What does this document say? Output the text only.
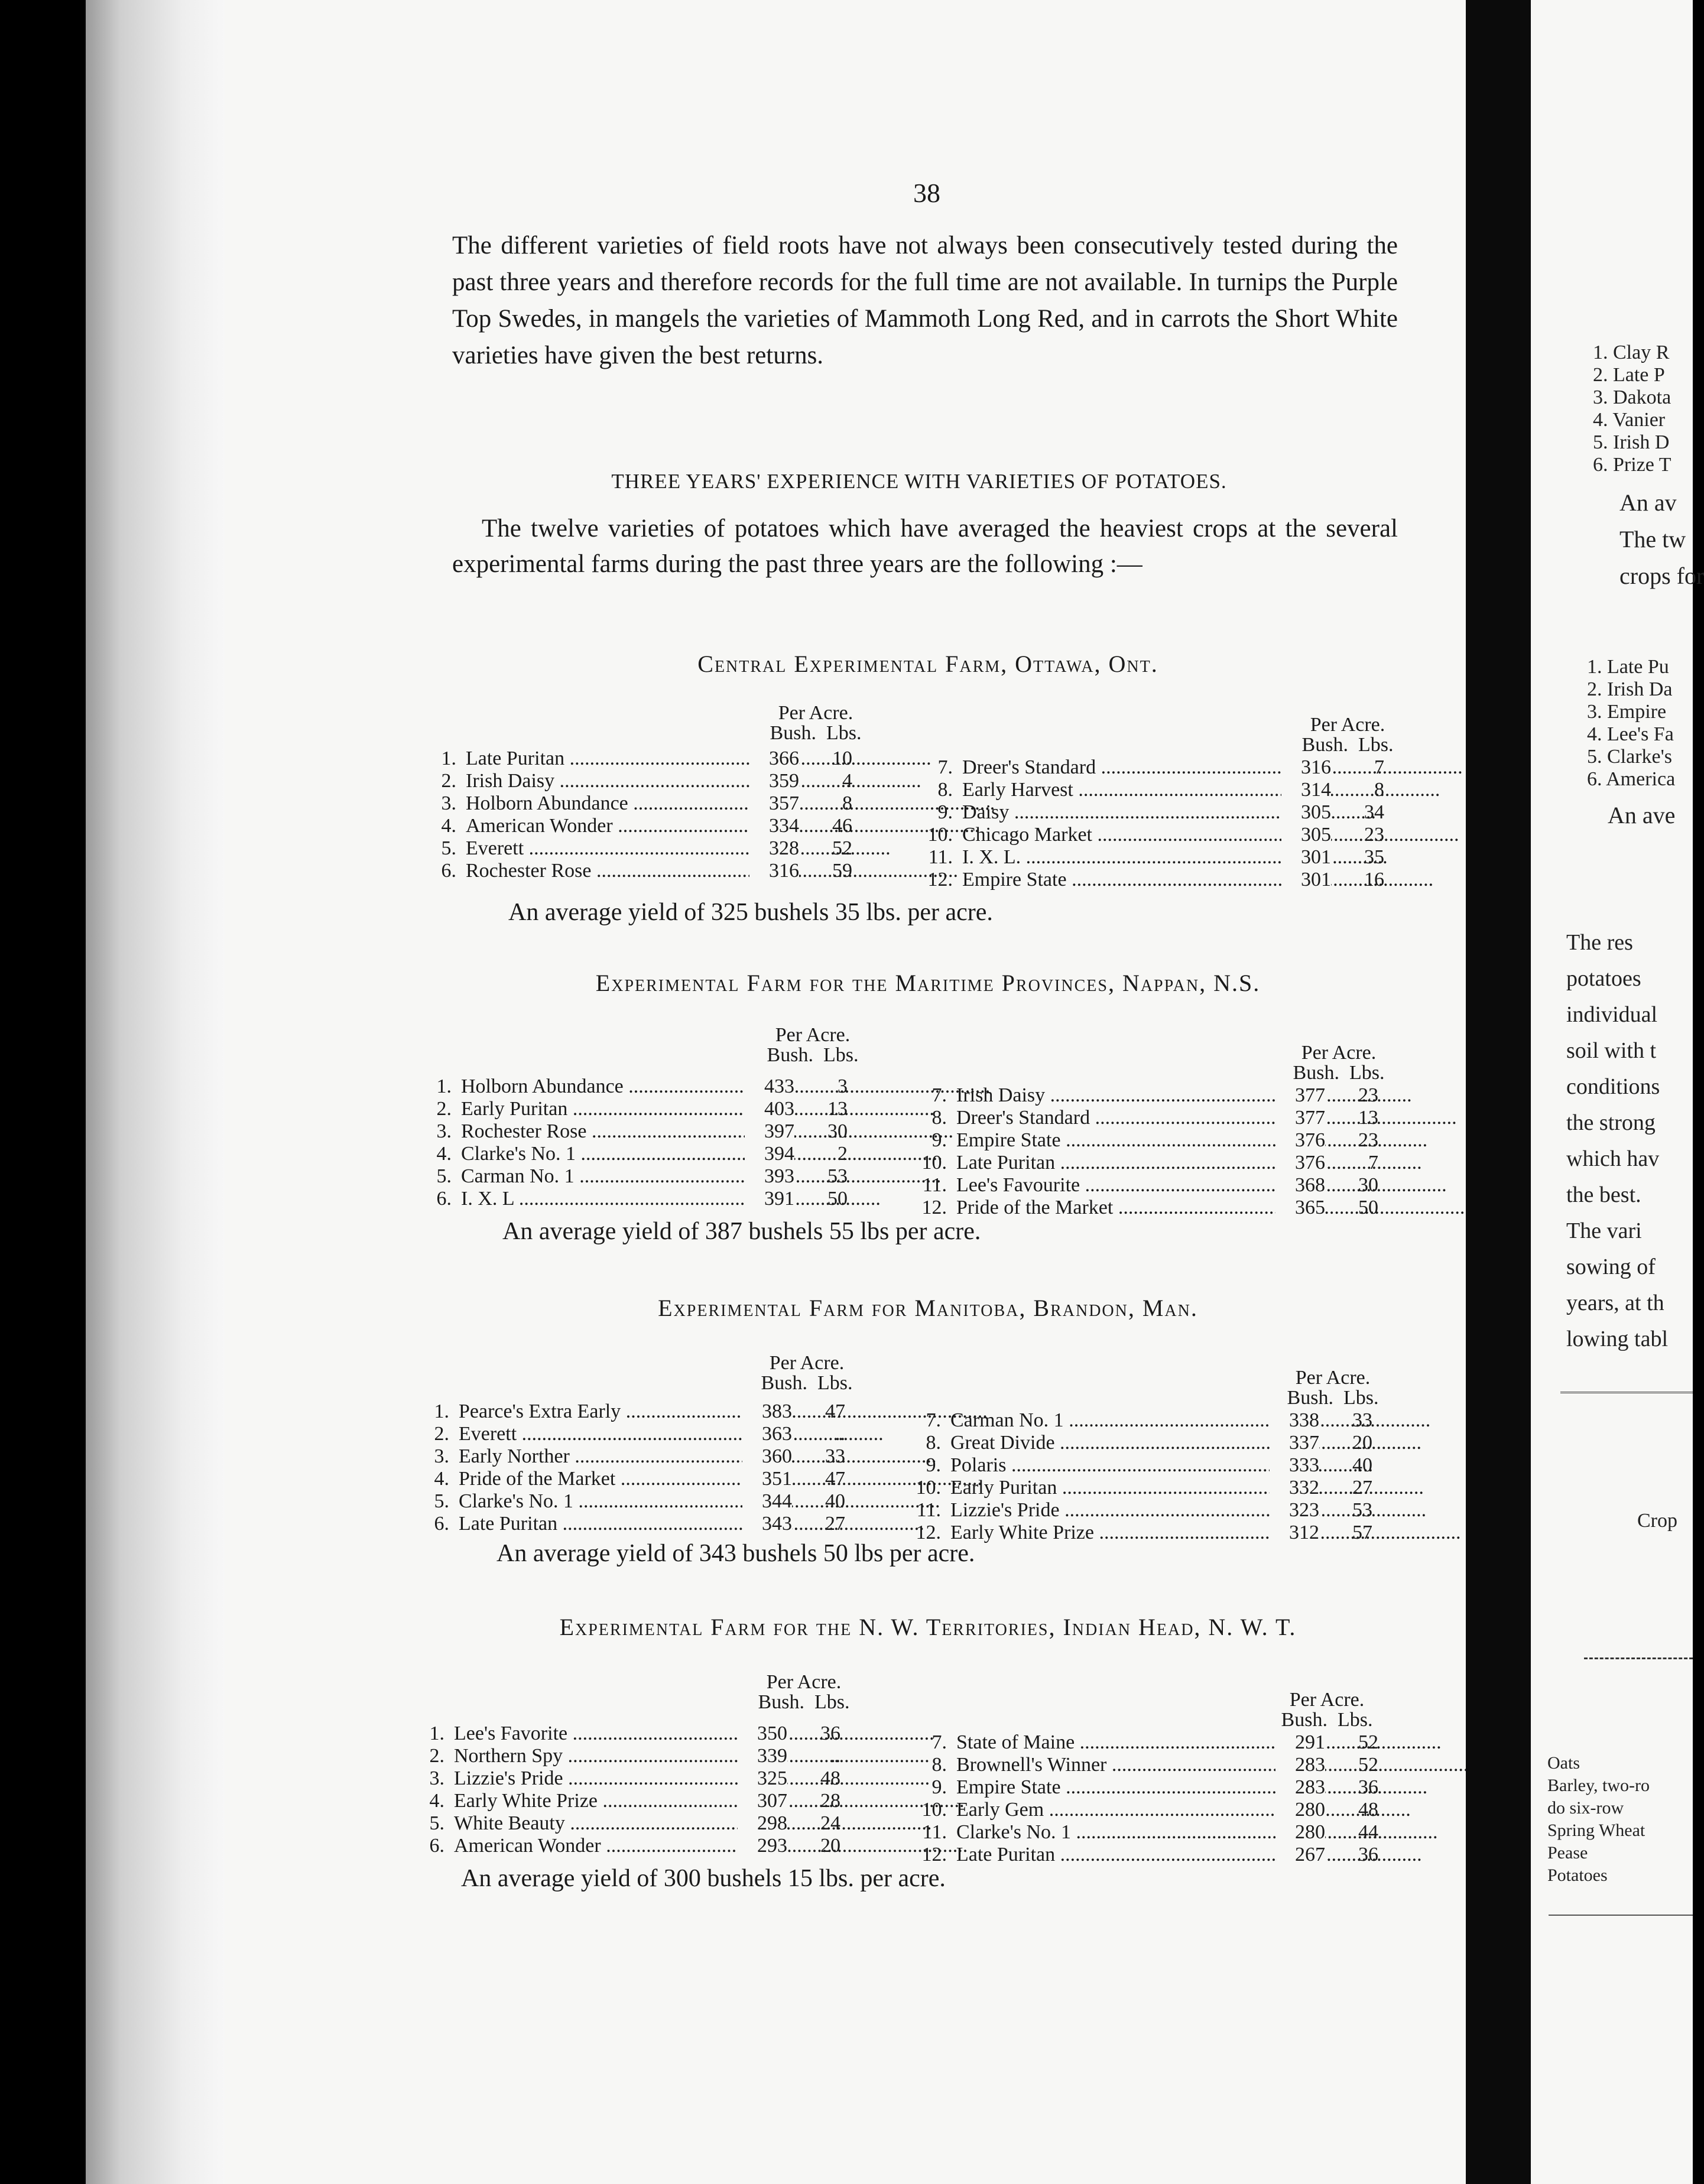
38
The different varieties of field roots have not always been consecutively tested during the past three years and therefore records for the full time are not available. In turnips the Purple Top Swedes, in mangels the varieties of Mammoth Long Red, and in carrots the Short White varieties have given the best returns.
THREE YEARS' EXPERIENCE WITH VARIETIES OF POTATOES.
The twelve varieties of potatoes which have averaged the heaviest crops at the several experimental farms during the past three years are the following :—
Central Experimental Farm, Ottawa, Ont.
Per Acre.
Bush. Lbs.	Per Acre.
Bush. Lbs.
1. Late Puritan .....	366	10
2. Irish Daisy .....	359	4
3. Holborn Abundance .....	357	8
4. American Wonder .....	334	46
5. Everett .....	328	52
6. Rochester Rose .....	316	59
7. Dreer's Standard .....	316	7
8. Early Harvest .....	314	8
9. Daisy .....	305	34
10. Chicago Market .....	305	23
11. I. X. L. .....	301	35
12. Empire State .....	301	16
An average yield of 325 bushels 35 lbs. per acre.
Experimental Farm for the Maritime Provinces, Nappan, N.S.
Per Acre.
Bush. Lbs.	Per Acre.
Bush. Lbs.
1. Holborn Abundance .....	433	3
2. Early Puritan .....	403	13
3. Rochester Rose .....	397	30
4. Clarke's No. 1 .....	394	2
5. Carman No. 1 .....	393	53
6. I. X. L .....	391	50
7. Irish Daisy .....	377	23
8. Dreer's Standard .....	377	13
9. Empire State .....	376	23
10. Late Puritan .....	376	7
11. Lee's Favourite .....	368	30
12. Pride of the Market .....	365	50
An average yield of 387 bushels 55 lbs per acre.
Experimental Farm for Manitoba, Brandon, Man.
Per Acre.
Bush. Lbs.	Per Acre.
Bush. Lbs.
1. Pearce's Extra Early .....	383	47
2. Everett .....	363	..
3. Early Norther .....	360	33
4. Pride of the Market .....	351	47
5. Clarke's No. 1 .....	344	40
6. Late Puritan .....	343	27
7. Carman No. 1 .....	338	33
8. Great Divide .....	337	20
9. Polaris .....	333	40
10. Early Puritan .....	332	27
11. Lizzie's Pride .....	323	53
12. Early White Prize .....	312	57
An average yield of 343 bushels 50 lbs per acre.
Experimental Farm for the N. W. Territories, Indian Head, N. W. T.
Per Acre.
Bush. Lbs.	Per Acre.
Bush. Lbs.
1. Lee's Favorite .....	350	36
2. Northern Spy .....	339	..
3. Lizzie's Pride .....	325	48
4. Early White Prize .....	307	28
5. White Beauty .....	298	24
6. American Wonder .....	293	20
7. State of Maine .....	291	52
8. Brownell's Winner .....	283	52
9. Empire State .....	283	36
10. Early Gem .....	280	48
11. Clarke's No. 1 .....	280	44
12. Late Puritan .....	267	36
An average yield of 300 bushels 15 lbs. per acre.
1. Clay R
2. Late P
3. Dakota
4. Vanier
5. Irish D
6. Prize T
An av
The tw
crops for
1. Late Pu
2. Irish Da
3. Empire
4. Lee's Fa
5. Clarke's
6. America
An ave
The res
potatoes
individual
soil with t
conditions
the strong
which hav
the best.
The vari
sowing of
years, at th
lowing tabl
Crop
Oats
Barley, two-ro
do six-row
Spring Wheat
Pease
Potatoes
